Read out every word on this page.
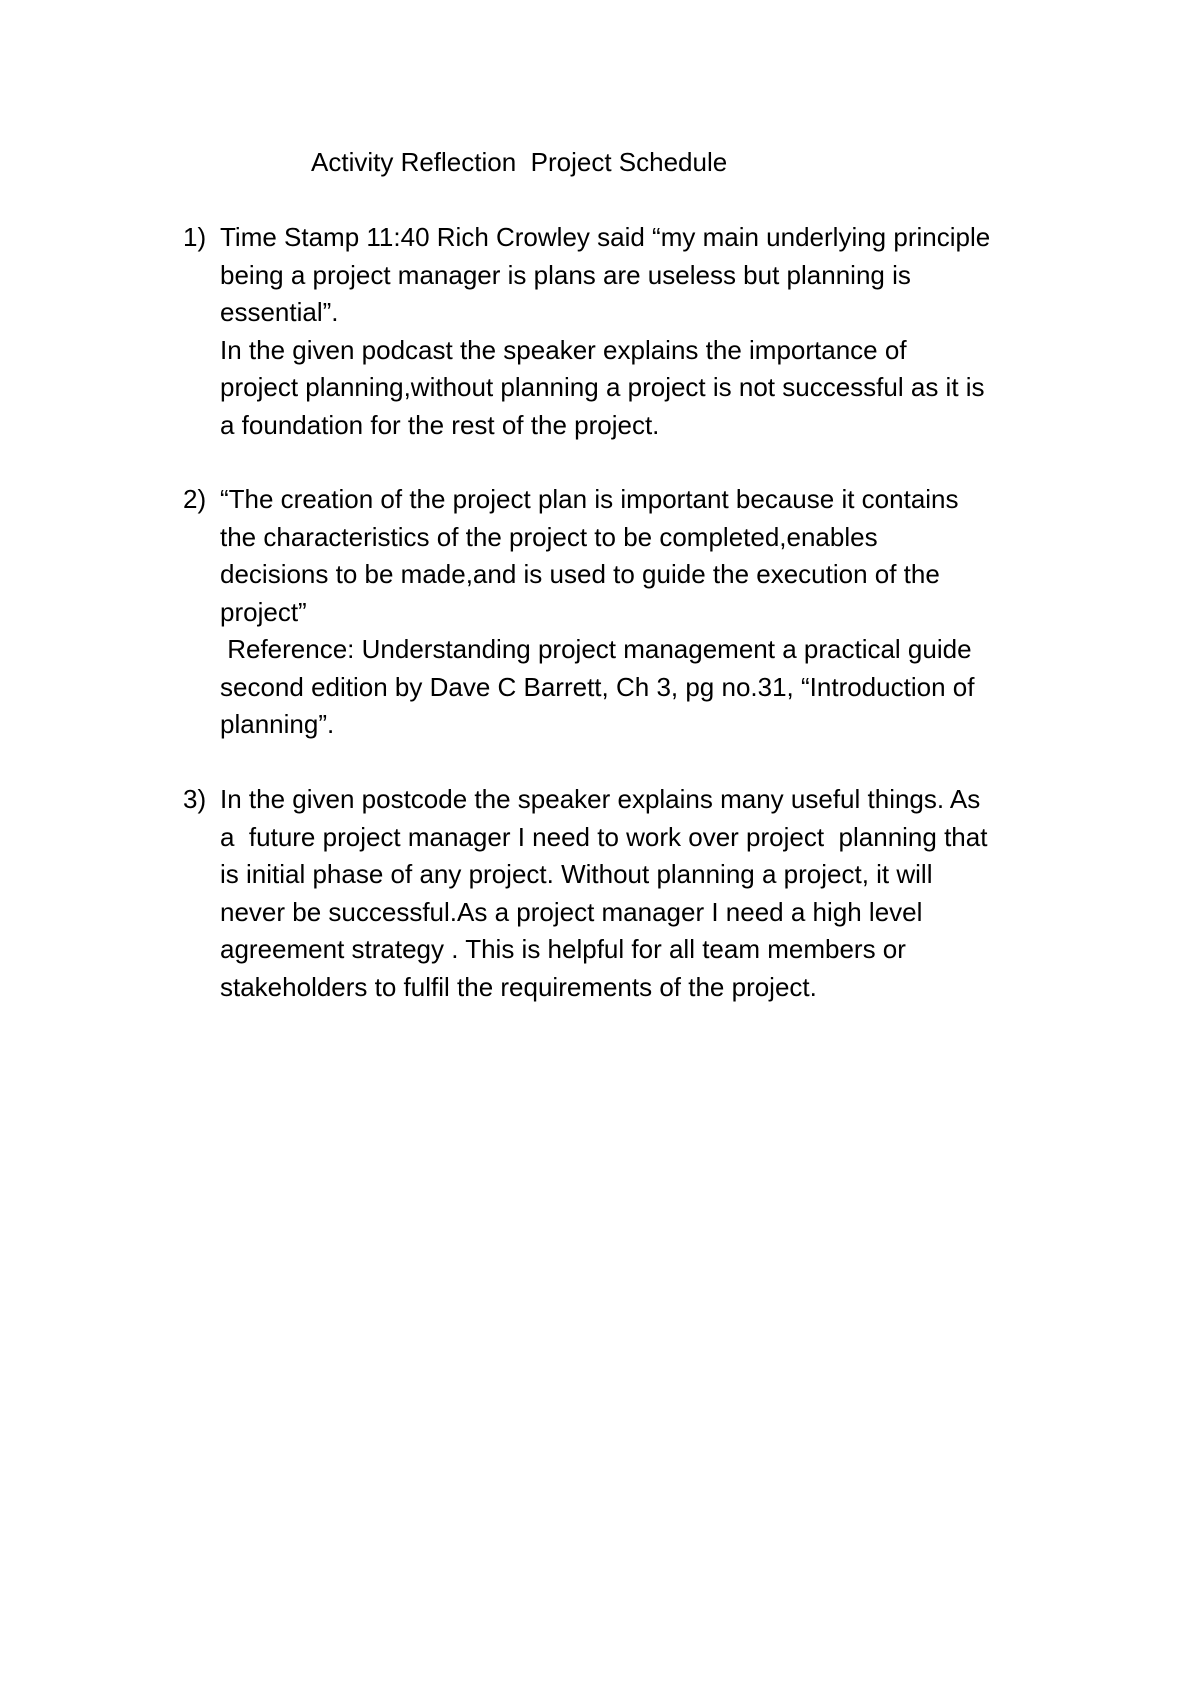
Activity Reflection  Project Schedule
1) Time Stamp 11:40 Rich Crowley said “my main underlying principle
being a project manager is plans are useless but planning is
essential”.
In the given podcast the speaker explains the importance of
project planning,without planning a project is not successful as it is
a foundation for the rest of the project.
2) “The creation of the project plan is important because it contains
the characteristics of the project to be completed,enables
decisions to be made,and is used to guide the execution of the
project”
Reference: Understanding project management a practical guide
second edition by Dave C Barrett, Ch 3, pg no.31, “Introduction of
planning”.
3) In the given postcode the speaker explains many useful things. As
a  future project manager I need to work over project  planning that
is initial phase of any project. Without planning a project, it will
never be successful.As a project manager I need a high level
agreement strategy . This is helpful for all team members or
stakeholders to fulfil the requirements of the project.
